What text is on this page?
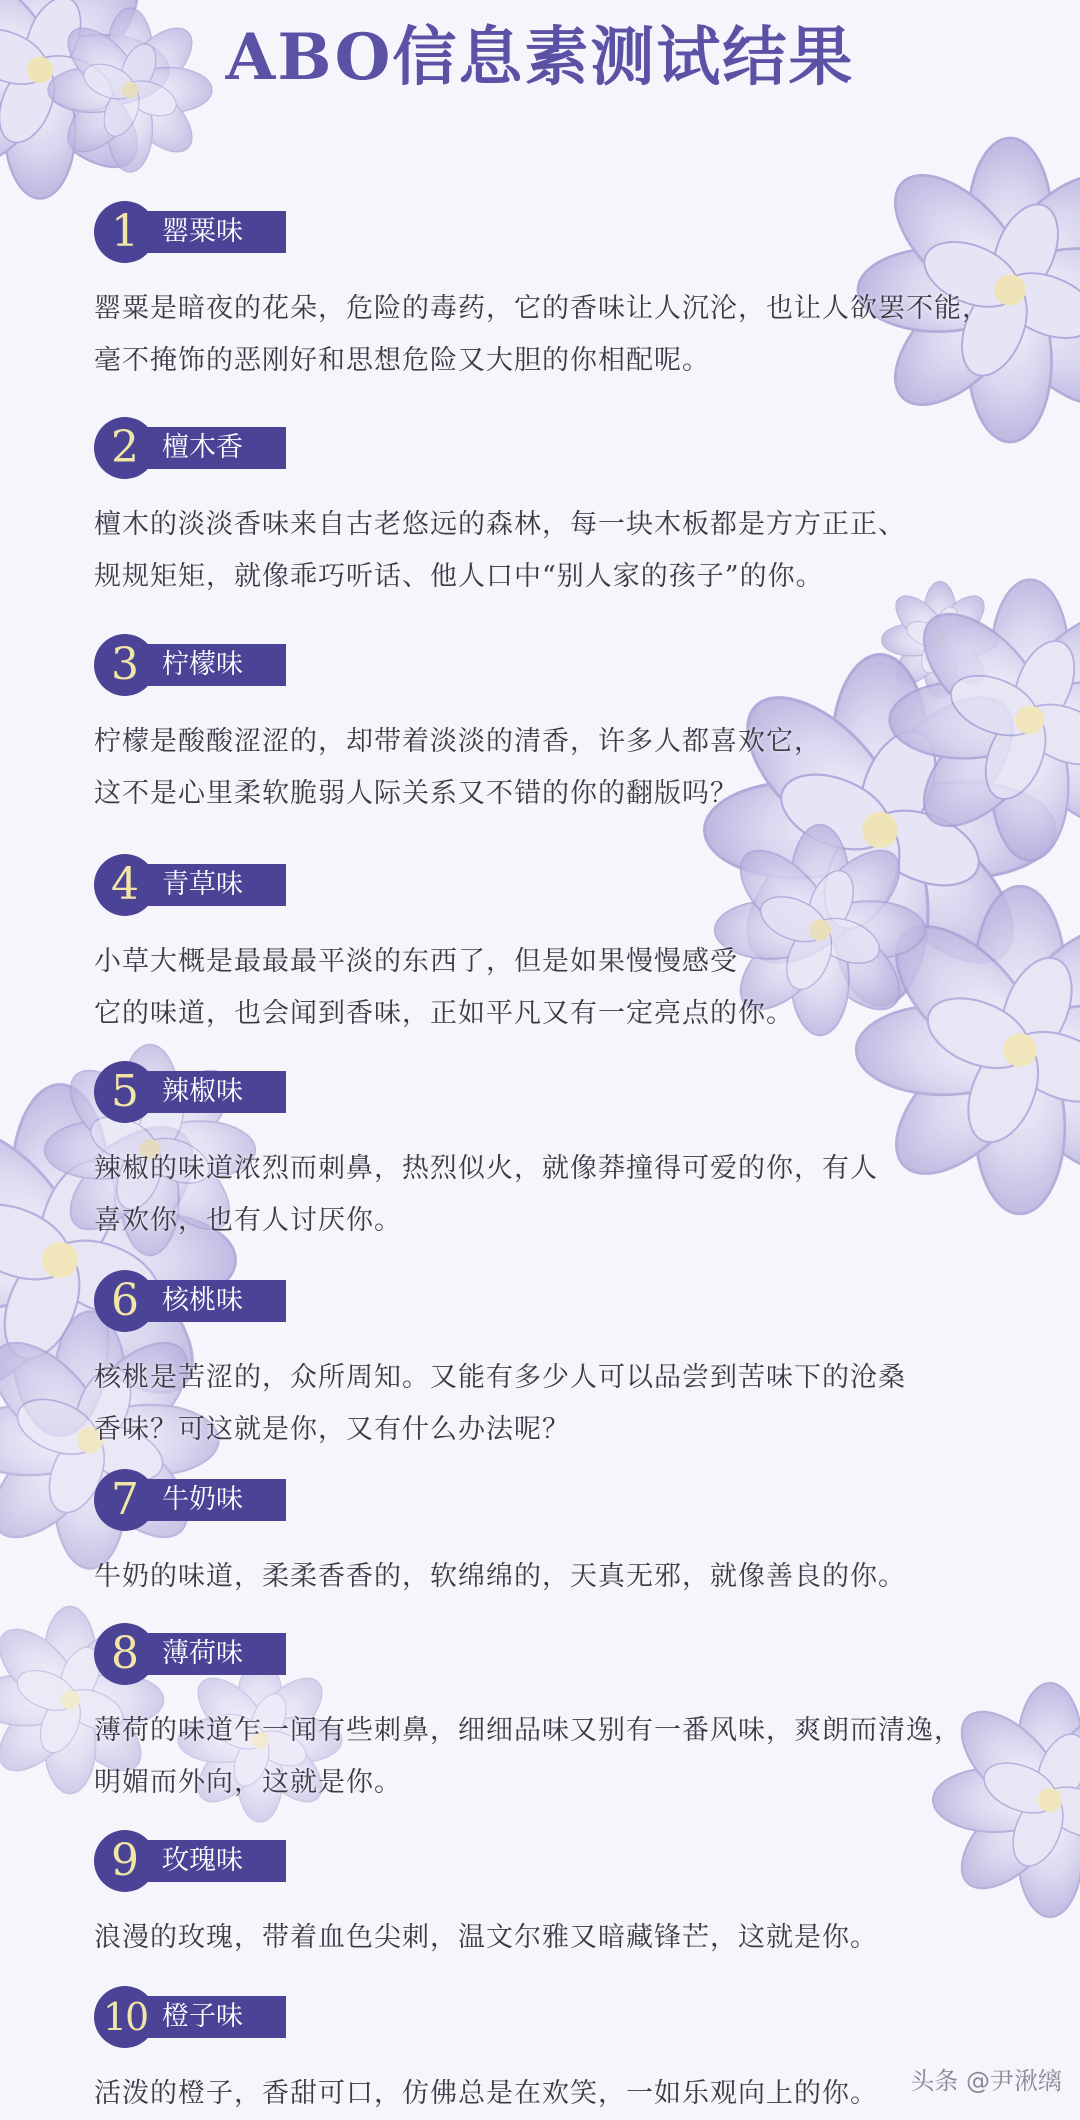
ABO信息素测试结果
1 罂粟味
罂粟是暗夜的花朵，危险的毒药，它的香味让人沉沦，也让人欲罢不能，
毫不掩饰的恶刚好和思想危险又大胆的你相配呢。
2 檀木香
檀木的淡淡香味来自古老悠远的森林，每一块木板都是方方正正、
规规矩矩，就像乖巧听话、他人口中“别人家的孩子”的你。
3 柠檬味
柠檬是酸酸涩涩的，却带着淡淡的清香，许多人都喜欢它，
这不是心里柔软脆弱人际关系又不错的你的翻版吗？
4 青草味
小草大概是最最最平淡的东西了，但是如果慢慢感受
它的味道，也会闻到香味，正如平凡又有一定亮点的你。
5 辣椒味
辣椒的味道浓烈而刺鼻，热烈似火，就像莽撞得可爱的你，有人
喜欢你，也有人讨厌你。
6 核桃味
核桃是苦涩的，众所周知。又能有多少人可以品尝到苦味下的沧桑
香味？可这就是你，又有什么办法呢？
7 牛奶味
牛奶的味道，柔柔香香的，软绵绵的，天真无邪，就像善良的你。
8 薄荷味
薄荷的味道乍一闻有些刺鼻，细细品味又别有一番风味，爽朗而清逸，
明媚而外向，这就是你。
9 玫瑰味
浪漫的玫瑰，带着血色尖刺，温文尔雅又暗藏锋芒，这就是你。
10 橙子味
活泼的橙子，香甜可口，仿佛总是在欢笑，一如乐观向上的你。	头条 @尹湫缡
